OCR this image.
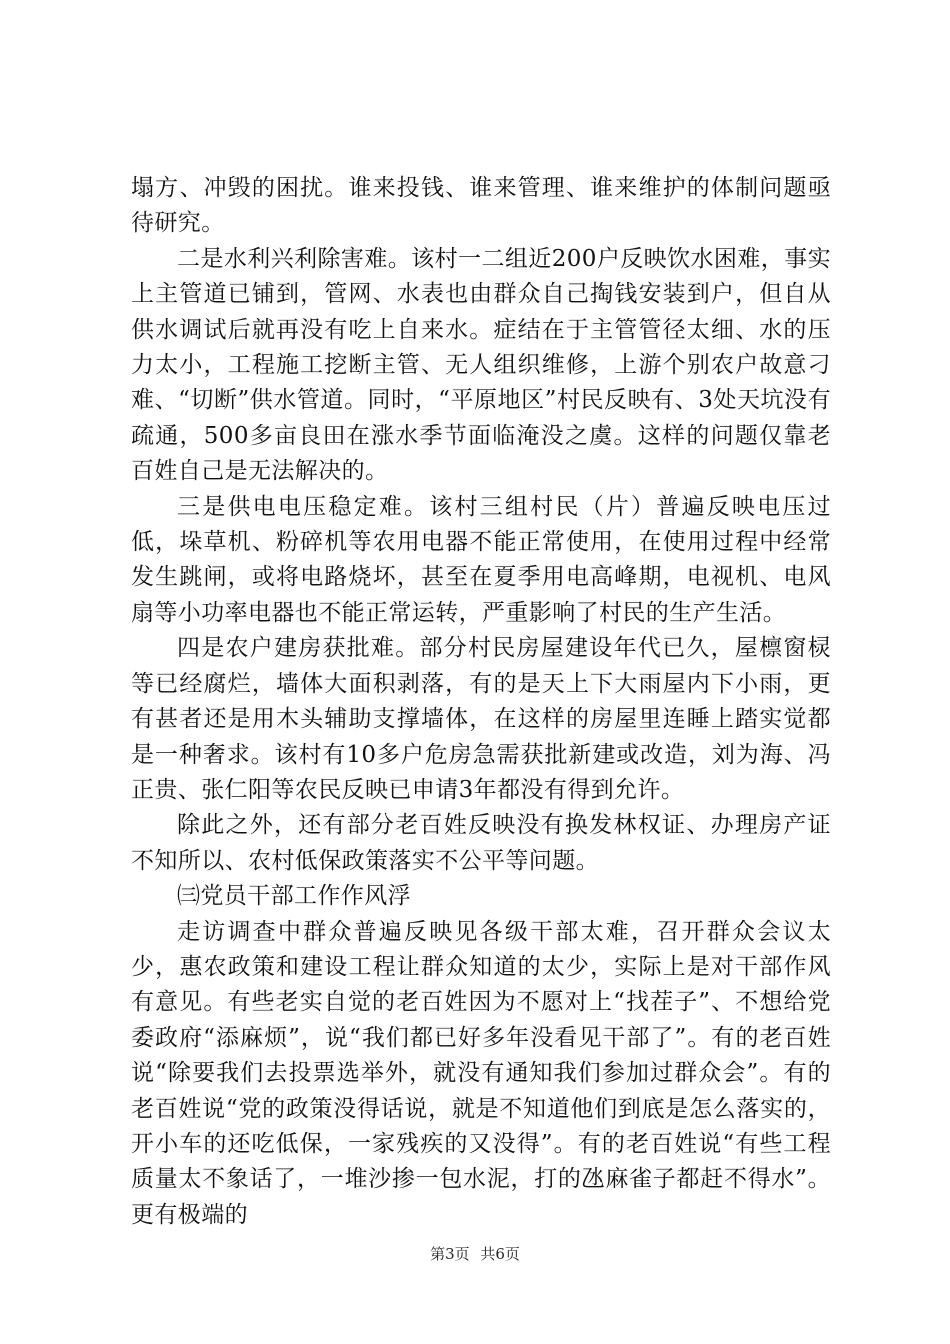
塌方、冲毁的困扰。谁来投钱、谁来管理、谁来维护的体制问题亟待研究。

二是水利兴利除害难。该村一二组近200户反映饮水困难，事实上主管道已铺到，管网、水表也由群众自己掏钱安装到户，但自从供水调试后就再没有吃上自来水。症结在于主管管径太细、水的压力太小，工程施工挖断主管、无人组织维修，上游个别农户故意刁难、“切断”供水管道。同时，“平原地区”村民反映有、3处天坑没有疏通，500多亩良田在涨水季节面临淹没之虞。这样的问题仅靠老百姓自己是无法解决的。

三是供电电压稳定难。该村三组村民（片）普遍反映电压过低，垛草机、粉碎机等农用电器不能正常使用，在使用过程中经常发生跳闸，或将电路烧坏，甚至在夏季用电高峰期，电视机、电风扇等小功率电器也不能正常运转，严重影响了村民的生产生活。

四是农户建房获批难。部分村民房屋建设年代已久，屋檩窗棂等已经腐烂，墙体大面积剥落，有的是天上下大雨屋内下小雨，更有甚者还是用木头辅助支撑墙体，在这样的房屋里连睡上踏实觉都是一种奢求。该村有10多户危房急需获批新建或改造，刘为海、冯正贵、张仁阳等农民反映已申请3年都没有得到允许。

除此之外，还有部分老百姓反映没有换发林权证、办理房产证不知所以、农村低保政策落实不公平等问题。

㈢党员干部工作作风浮

走访调查中群众普遍反映见各级干部太难，召开群众会议太少，惠农政策和建设工程让群众知道的太少，实际上是对干部作风有意见。有些老实自觉的老百姓因为不愿对上“找茬子”、不想给党委政府“添麻烦”，说“我们都已好多年没看见干部了”。有的老百姓说“除要我们去投票选举外，就没有通知我们参加过群众会”。有的老百姓说“党的政策没得话说，就是不知道他们到底是怎么落实的，开小车的还吃低保，一家残疾的又没得”。有的老百姓说“有些工程质量太不象话了，一堆沙掺一包水泥，打的氹麻雀子都赶不得水”。更有极端的

第3页 共6页
